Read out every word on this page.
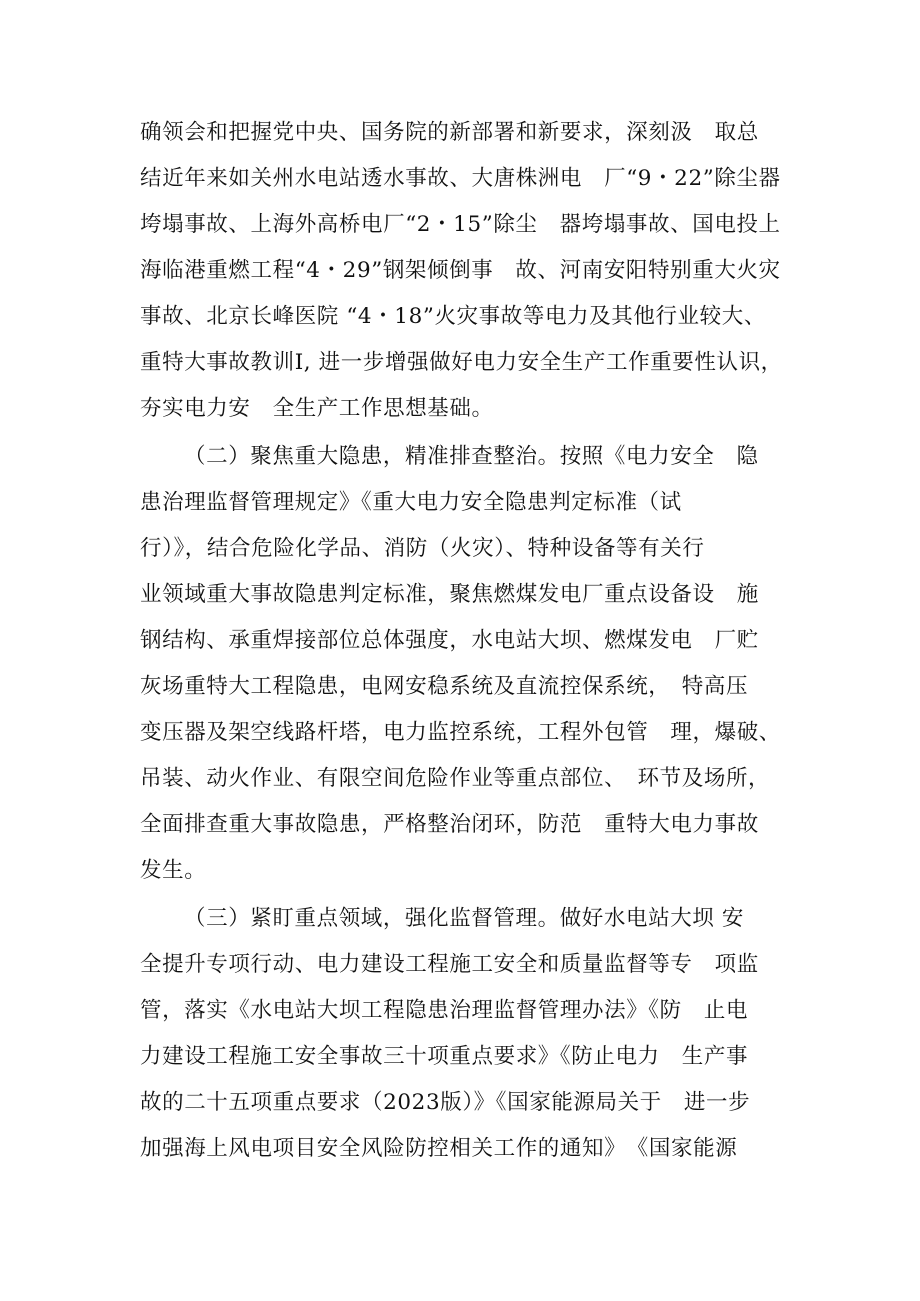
确领会和把握党中央、国务院的新部署和新要求，深刻汲　取总
结近年来如关州水电站透水事故、大唐株洲电　厂“9・22”除尘器
垮塌事故、上海外高桥电厂“2・15”除尘　器垮塌事故、国电投上
海临港重燃工程“4・29”钢架倾倒事　故、河南安阳特别重大火灾
事故、北京长峰医院 “4・18”火灾事故等电力及其他行业较大、
重特大事故教训I, 进一步增强做好电力安全生产工作重要性认识，
夯实电力安　全生产工作思想基础。
（二）聚焦重大隐患，精准排查整治。按照《电力安全　隐
患治理监督管理规定》《重大电力安全隐患判定标准（试
行）》，结合危险化学品、消防（火灾）、特种设备等有关行
业领域重大事故隐患判定标准，聚焦燃煤发电厂重点设备设　施
钢结构、承重焊接部位总体强度，水电站大坝、燃煤发电　厂贮
灰场重特大工程隐患，电网安稳系统及直流控保系统，　特高压
变压器及架空线路杆塔，电力监控系统，工程外包管　理，爆破、
吊装、动火作业、有限空间危险作业等重点部位、　环节及场所，
全面排查重大事故隐患，严格整治闭环，防范　重特大电力事故
发生。
（三）紧盯重点领域，强化监督管理。做好水电站大坝 安
全提升专项行动、电力建设工程施工安全和质量监督等专　项监
管，落实《水电站大坝工程隐患治理监督管理办法》《防　止电
力建设工程施工安全事故三十项重点要求》《防止电力　生产事
故的二十五项重点要求（2023版）》《国家能源局关于　进一步
加强海上风电项目安全风险防控相关工作的通知》　《国家能源
